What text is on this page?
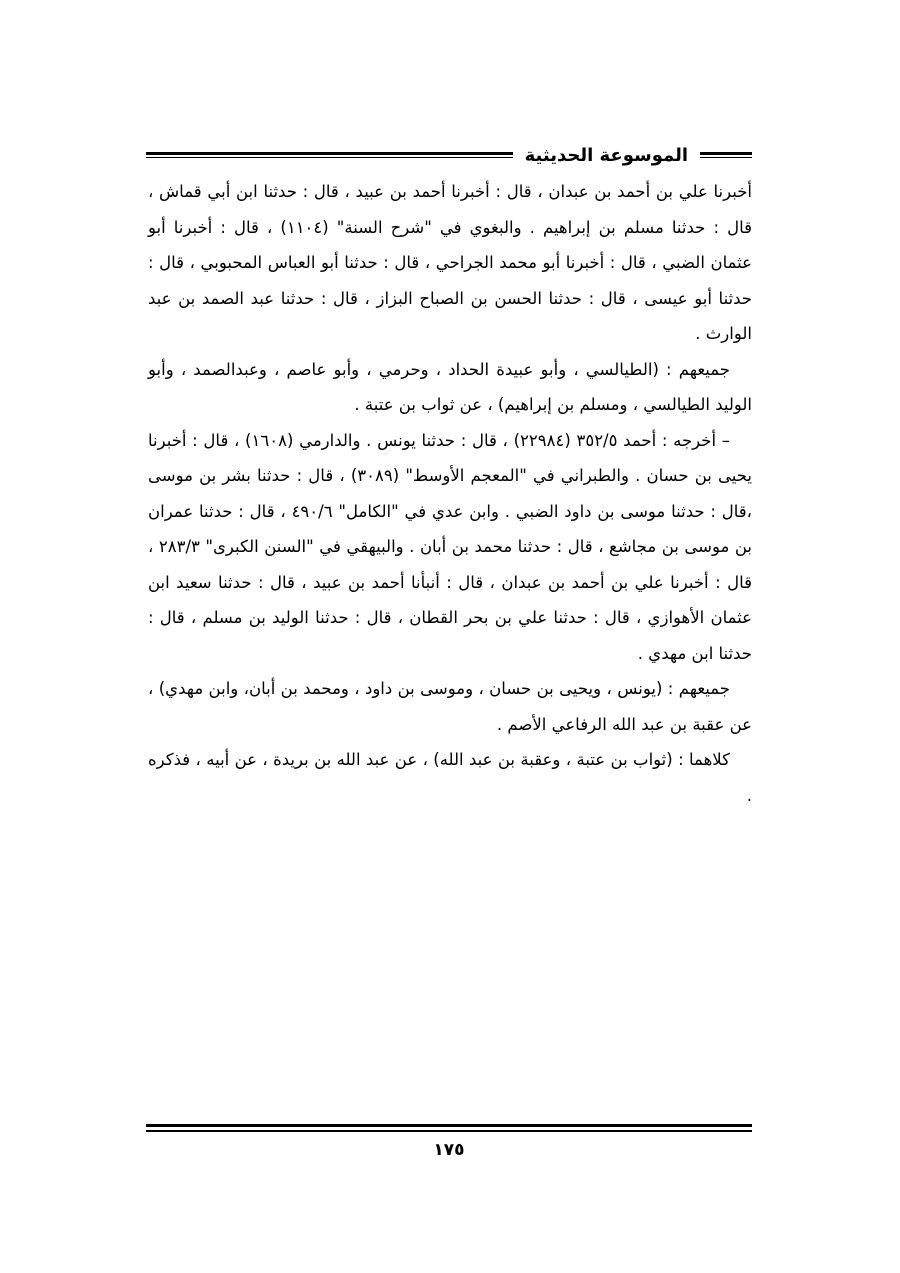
الموسوعة الحديثية

أخبرنا علي بن أحمد بن عبدان ، قال : أخبرنا أحمد بن عبيد ، قال : حدثنا ابن أبي قماش ، قال : حدثنا مسلم بن إبراهيم . والبغوي في "شرح السنة" (١١٠٤) ، قال : أخبرنا أبو عثمان الضبي ، قال : أخبرنا أبو محمد الجراحي ، قال : حدثنا أبو العباس المحبوبي ، قال : حدثنا أبو عيسى ، قال : حدثنا الحسن بن الصباح البزاز ، قال : حدثنا عبد الصمد بن عبد الوارث .

جميعهم : (الطيالسي ، وأبو عبيدة الحداد ، وحرمي ، وأبو عاصم ، وعبدالصمد ، وأبو الوليد الطيالسي ، ومسلم بن إبراهيم) ، عن ثواب بن عتبة .

– أخرجه : أحمد ٣٥٢/٥ (٢٢٩٨٤) ، قال : حدثنا يونس . والدارمي (١٦٠٨) ، قال : أخبرنا يحيى بن حسان . والطبراني في "المعجم الأوسط" (٣٠٨٩) ، قال : حدثنا بشر بن موسى ،قال : حدثنا موسى بن داود الضبي . وابن عدي في "الكامل" ٤٩٠/٦ ، قال : حدثنا عمران بن موسى بن مجاشع ، قال : حدثنا محمد بن أبان . والبيهقي في "السنن الكبرى" ٢٨٣/٣ ، قال : أخبرنا علي بن أحمد بن عبدان ، قال : أنبأنا أحمد بن عبيد ، قال : حدثنا سعيد ابن عثمان الأهوازي ، قال : حدثنا علي بن بحر القطان ، قال : حدثنا الوليد بن مسلم ، قال : حدثنا ابن مهدي .

جميعهم : (يونس ، ويحيى بن حسان ، وموسى بن داود ، ومحمد بن أبان، وابن مهدي) ، عن عقبة بن عبد الله الرفاعي الأصم .

كلاهما : (ثواب بن عتبة ، وعقبة بن عبد الله) ، عن عبد الله بن بريدة ، عن أبيه ، فذكره .

١٧٥
